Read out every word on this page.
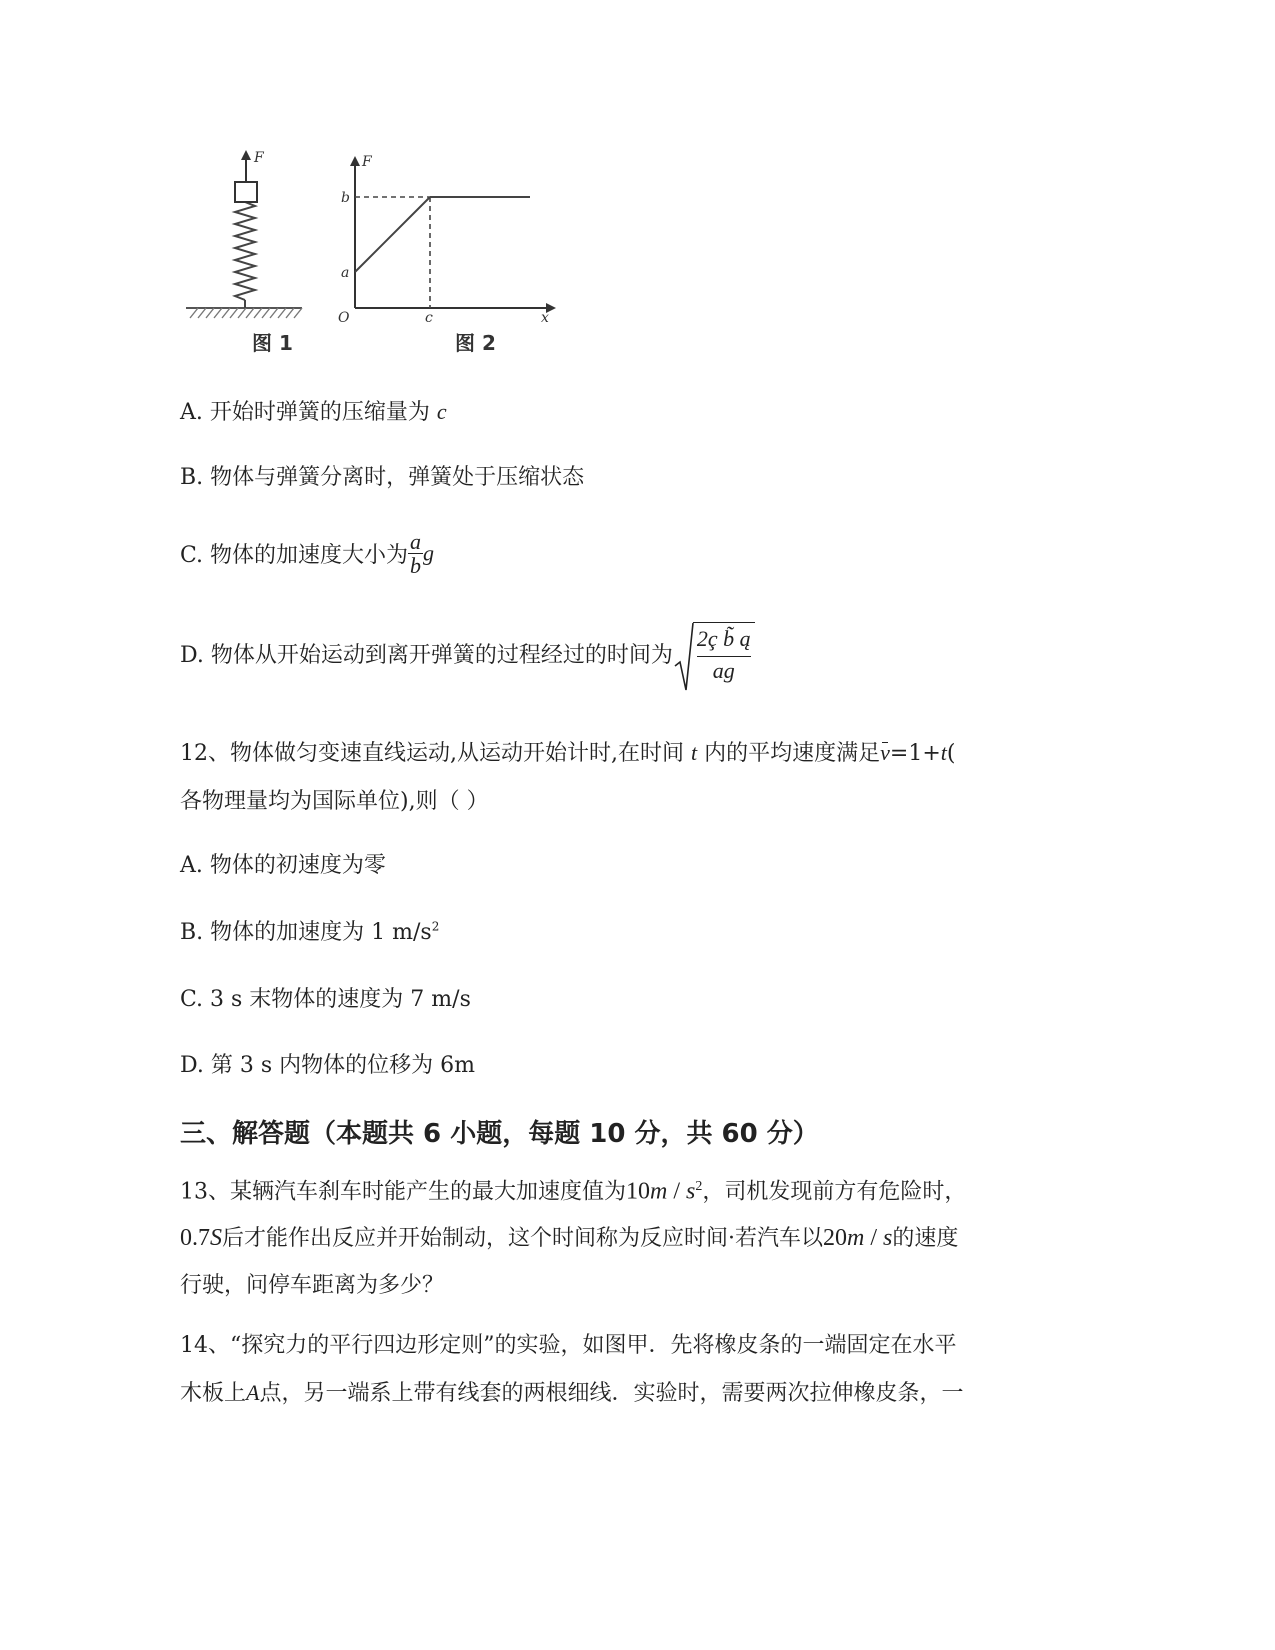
F
图 1
F
x
O
b
a
c
图 2
A. 开始时弹簧的压缩量为 c
B. 物体与弹簧分离时，弹簧处于压缩状态
C. 物体的加速度大小为 $\frac{a}{b}$ g
D. 物体从开始运动到离开弹簧的过程经过的时间为 $\frac{\text{2ç b̃ ą}}{ag}$
12、物体做匀变速直线运动,从运动开始计时,在时间 t 内的平均速度满足v=1+t(
各物理量均为国际单位),则（ ）
A. 物体的初速度为零
B. 物体的加速度为 1 $m/s^2$
C. 3 s 末物体的速度为 7 m/s
D. 第 3 s 内物体的位移为 6m
三、解答题（本题共 6 小题，每题 10 分，共 60 分）
13、某辆汽车刹车时能产生的最大加速度值为$10m / s^2$，司机发现前方有危险时，
0.7S后才能作出反应并开始制动，这个时间称为反应时间·若汽车以20m / s的速度
行驶，问停车距离为多少？
14、“探究力的平行四边形定则”的实验，如图甲．先将橡皮条的一端固定在水平
木板上A点，另一端系上带有线套的两根细线．实验时，需要两次拉伸橡皮条，一
